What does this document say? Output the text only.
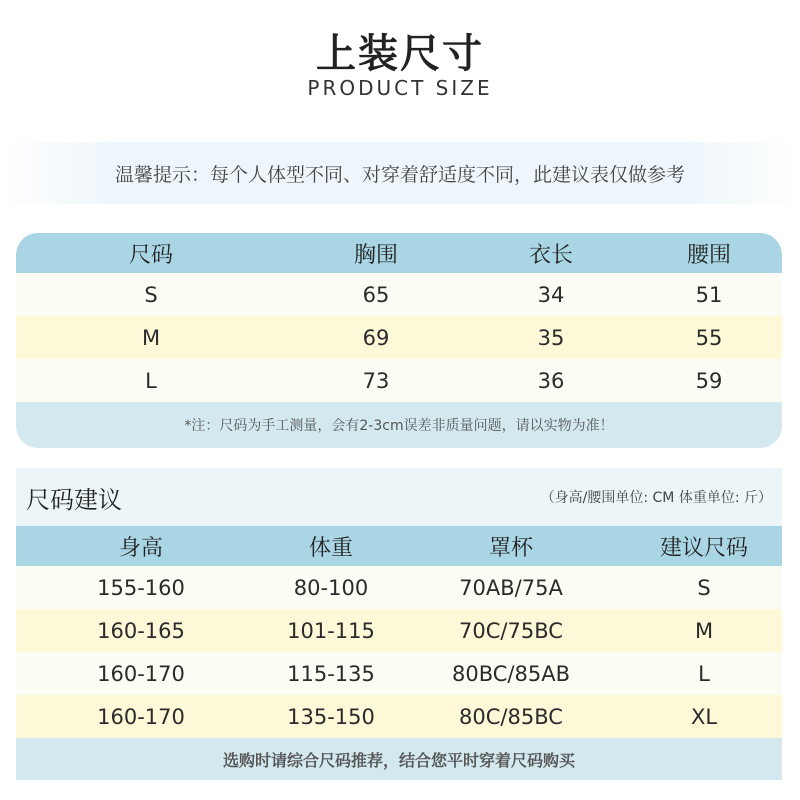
上装尺寸
PRODUCT SIZE
温馨提示：每个人体型不同、对穿着舒适度不同，此建议表仅做参考
尺码	胸围	衣长	腰围
S	65	34	51
M	69	35	55
L	73	36	59
*注：尺码为手工测量，会有2-3cm误差非质量问题，请以实物为准！
尺码建议	（身高/腰围单位: CM 体重单位: 斤）
身高	体重	罩杯	建议尺码
155-160	80-100	70AB/75A	S
160-165	101-115	70C/75BC	M
160-170	115-135	80BC/85AB	L
160-170	135-150	80C/85BC	XL
选购时请综合尺码推荐，结合您平时穿着尺码购买
